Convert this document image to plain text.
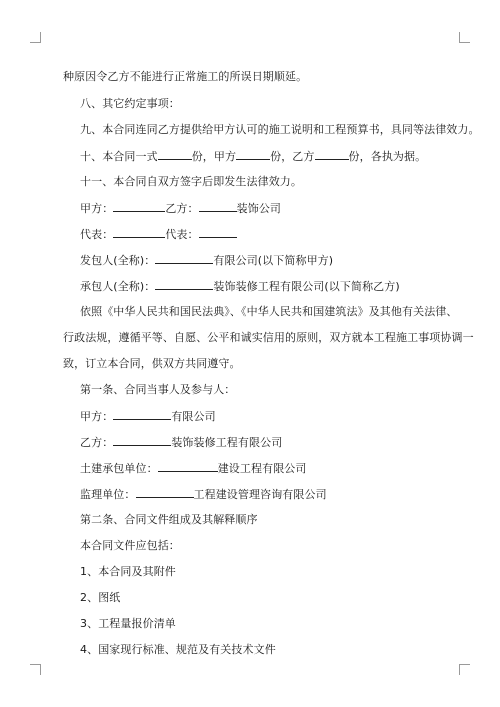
种原因令乙方不能进行正常施工的所误日期顺延。
八、其它约定事项：
九、本合同连同乙方提供给甲方认可的施工说明和工程预算书，具同等法律效力。
十、本合同一式	份，甲方	份，乙方	份，各执为据。
十一、本合同自双方签字后即发生法律效力。
甲方：	乙方：	装饰公司
代表：	代表：
发包人(全称)：	有限公司(以下简称甲方)
承包人(全称)：	装饰装修工程有限公司(以下简称乙方)
依照《中华人民共和国民法典》、《中华人民共和国建筑法》及其他有关法律、
行政法规，遵循平等、自愿、公平和诚实信用的原则，双方就本工程施工事项协调一
致，订立本合同，供双方共同遵守。
第一条、合同当事人及参与人：
甲方：	有限公司
乙方：	装饰装修工程有限公司
土建承包单位：	建设工程有限公司
监理单位：	工程建设管理咨询有限公司
第二条、合同文件组成及其解释顺序
本合同文件应包括：
1、本合同及其附件
2、图纸
3、工程量报价清单
4、国家现行标准、规范及有关技术文件
